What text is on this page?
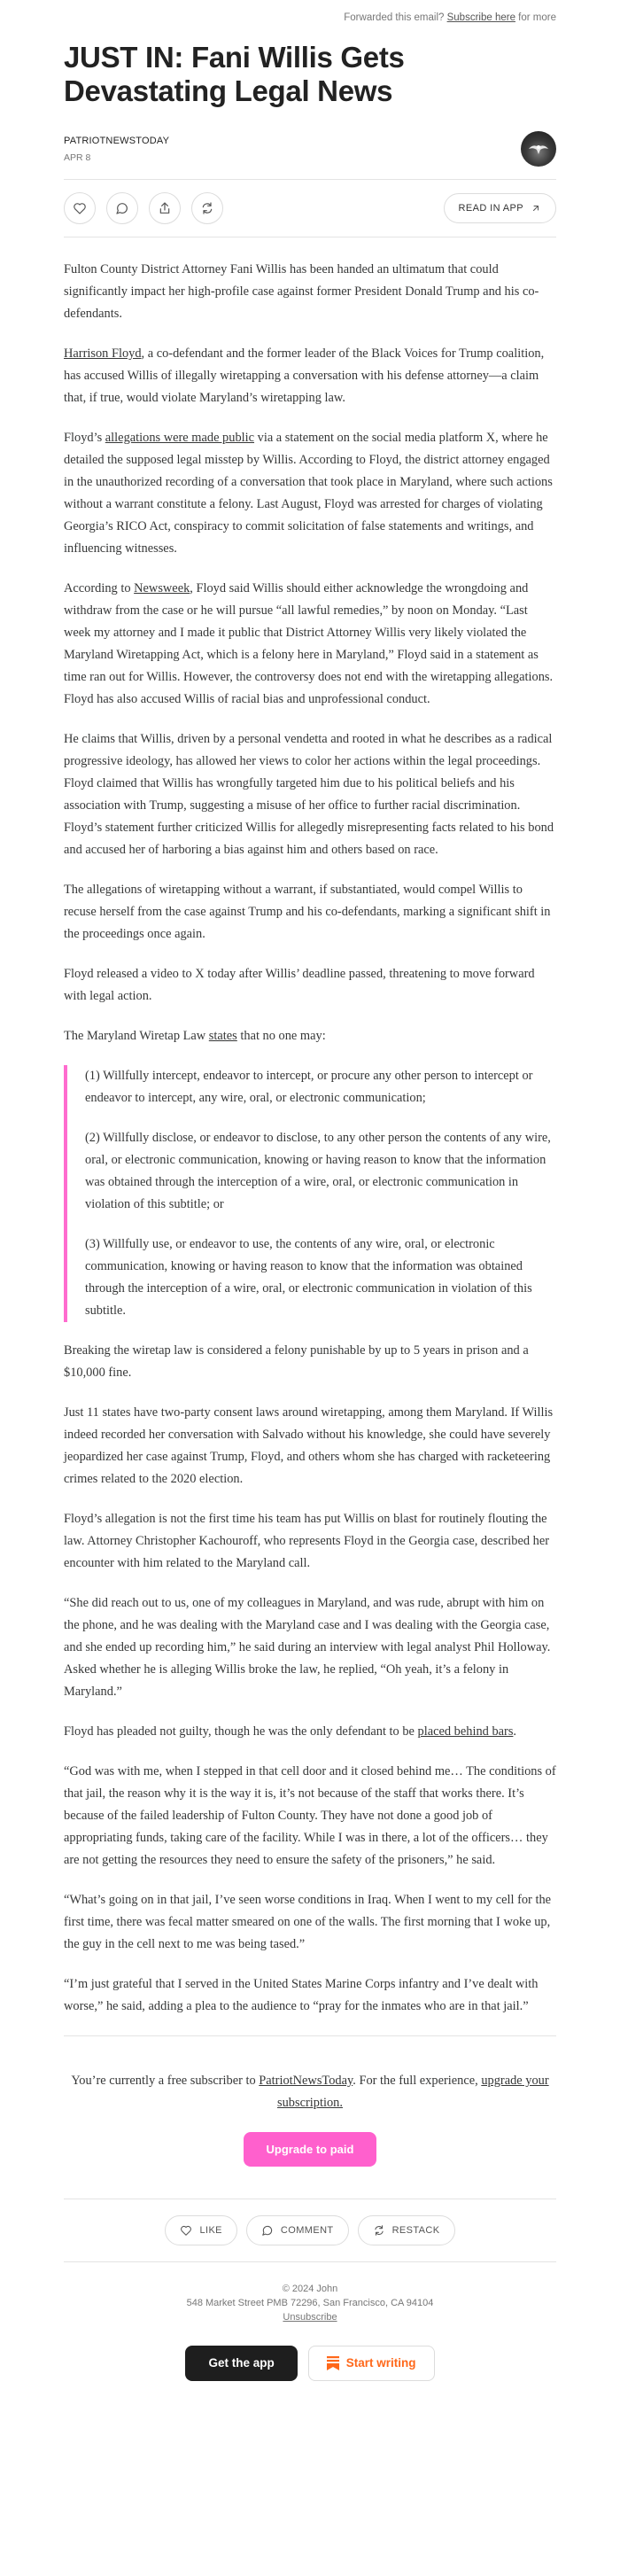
Forwarded this email? Subscribe here for more
JUST IN: Fani Willis Gets Devastating Legal News
PATRIOTNEWSTODAY
APR 8
READ IN APP

Fulton County District Attorney Fani Willis has been handed an ultimatum that could significantly impact her high-profile case against former President Donald Trump and his co-defendants.

Harrison Floyd, a co-defendant and the former leader of the Black Voices for Trump coalition, has accused Willis of illegally wiretapping a conversation with his defense attorney—a claim that, if true, would violate Maryland’s wiretapping law.

Floyd’s allegations were made public via a statement on the social media platform X, where he detailed the supposed legal misstep by Willis. According to Floyd, the district attorney engaged in the unauthorized recording of a conversation that took place in Maryland, where such actions without a warrant constitute a felony. Last August, Floyd was arrested for charges of violating Georgia’s RICO Act, conspiracy to commit solicitation of false statements and writings, and influencing witnesses.

According to Newsweek, Floyd said Willis should either acknowledge the wrongdoing and withdraw from the case or he will pursue “all lawful remedies,” by noon on Monday. “Last week my attorney and I made it public that District Attorney Willis very likely violated the Maryland Wiretapping Act, which is a felony here in Maryland,” Floyd said in a statement as time ran out for Willis. However, the controversy does not end with the wiretapping allegations. Floyd has also accused Willis of racial bias and unprofessional conduct.

He claims that Willis, driven by a personal vendetta and rooted in what he describes as a radical progressive ideology, has allowed her views to color her actions within the legal proceedings. Floyd claimed that Willis has wrongfully targeted him due to his political beliefs and his association with Trump, suggesting a misuse of her office to further racial discrimination. Floyd’s statement further criticized Willis for allegedly misrepresenting facts related to his bond and accused her of harboring a bias against him and others based on race.

The allegations of wiretapping without a warrant, if substantiated, would compel Willis to recuse herself from the case against Trump and his co-defendants, marking a significant shift in the proceedings once again.

Floyd released a video to X today after Willis’ deadline passed, threatening to move forward with legal action.

The Maryland Wiretap Law states that no one may:

(1) Willfully intercept, endeavor to intercept, or procure any other person to intercept or endeavor to intercept, any wire, oral, or electronic communication;

(2) Willfully disclose, or endeavor to disclose, to any other person the contents of any wire, oral, or electronic communication, knowing or having reason to know that the information was obtained through the interception of a wire, oral, or electronic communication in violation of this subtitle; or

(3) Willfully use, or endeavor to use, the contents of any wire, oral, or electronic communication, knowing or having reason to know that the information was obtained through the interception of a wire, oral, or electronic communication in violation of this subtitle.

Breaking the wiretap law is considered a felony punishable by up to 5 years in prison and a $10,000 fine.

Just 11 states have two-party consent laws around wiretapping, among them Maryland. If Willis indeed recorded her conversation with Salvado without his knowledge, she could have severely jeopardized her case against Trump, Floyd, and others whom she has charged with racketeering crimes related to the 2020 election.

Floyd’s allegation is not the first time his team has put Willis on blast for routinely flouting the law. Attorney Christopher Kachouroff, who represents Floyd in the Georgia case, described her encounter with him related to the Maryland call.

“She did reach out to us, one of my colleagues in Maryland, and was rude, abrupt with him on the phone, and he was dealing with the Maryland case and I was dealing with the Georgia case, and she ended up recording him,” he said during an interview with legal analyst Phil Holloway. Asked whether he is alleging Willis broke the law, he replied, “Oh yeah, it’s a felony in Maryland.”

Floyd has pleaded not guilty, though he was the only defendant to be placed behind bars.

“God was with me, when I stepped in that cell door and it closed behind me… The conditions of that jail, the reason why it is the way it is, it’s not because of the staff that works there. It’s because of the failed leadership of Fulton County. They have not done a good job of appropriating funds, taking care of the facility. While I was in there, a lot of the officers… they are not getting the resources they need to ensure the safety of the prisoners,” he said.

“What’s going on in that jail, I’ve seen worse conditions in Iraq. When I went to my cell for the first time, there was fecal matter smeared on one of the walls. The first morning that I woke up, the guy in the cell next to me was being tased.”

“I’m just grateful that I served in the United States Marine Corps infantry and I’ve dealt with worse,” he said, adding a plea to the audience to “pray for the inmates who are in that jail.”

You’re currently a free subscriber to PatriotNewsToday. For the full experience, upgrade your subscription.

Upgrade to paid
LIKE	COMMENT	RESTACK
© 2024 John
548 Market Street PMB 72296, San Francisco, CA 94104
Unsubscribe
Get the app	Start writing
